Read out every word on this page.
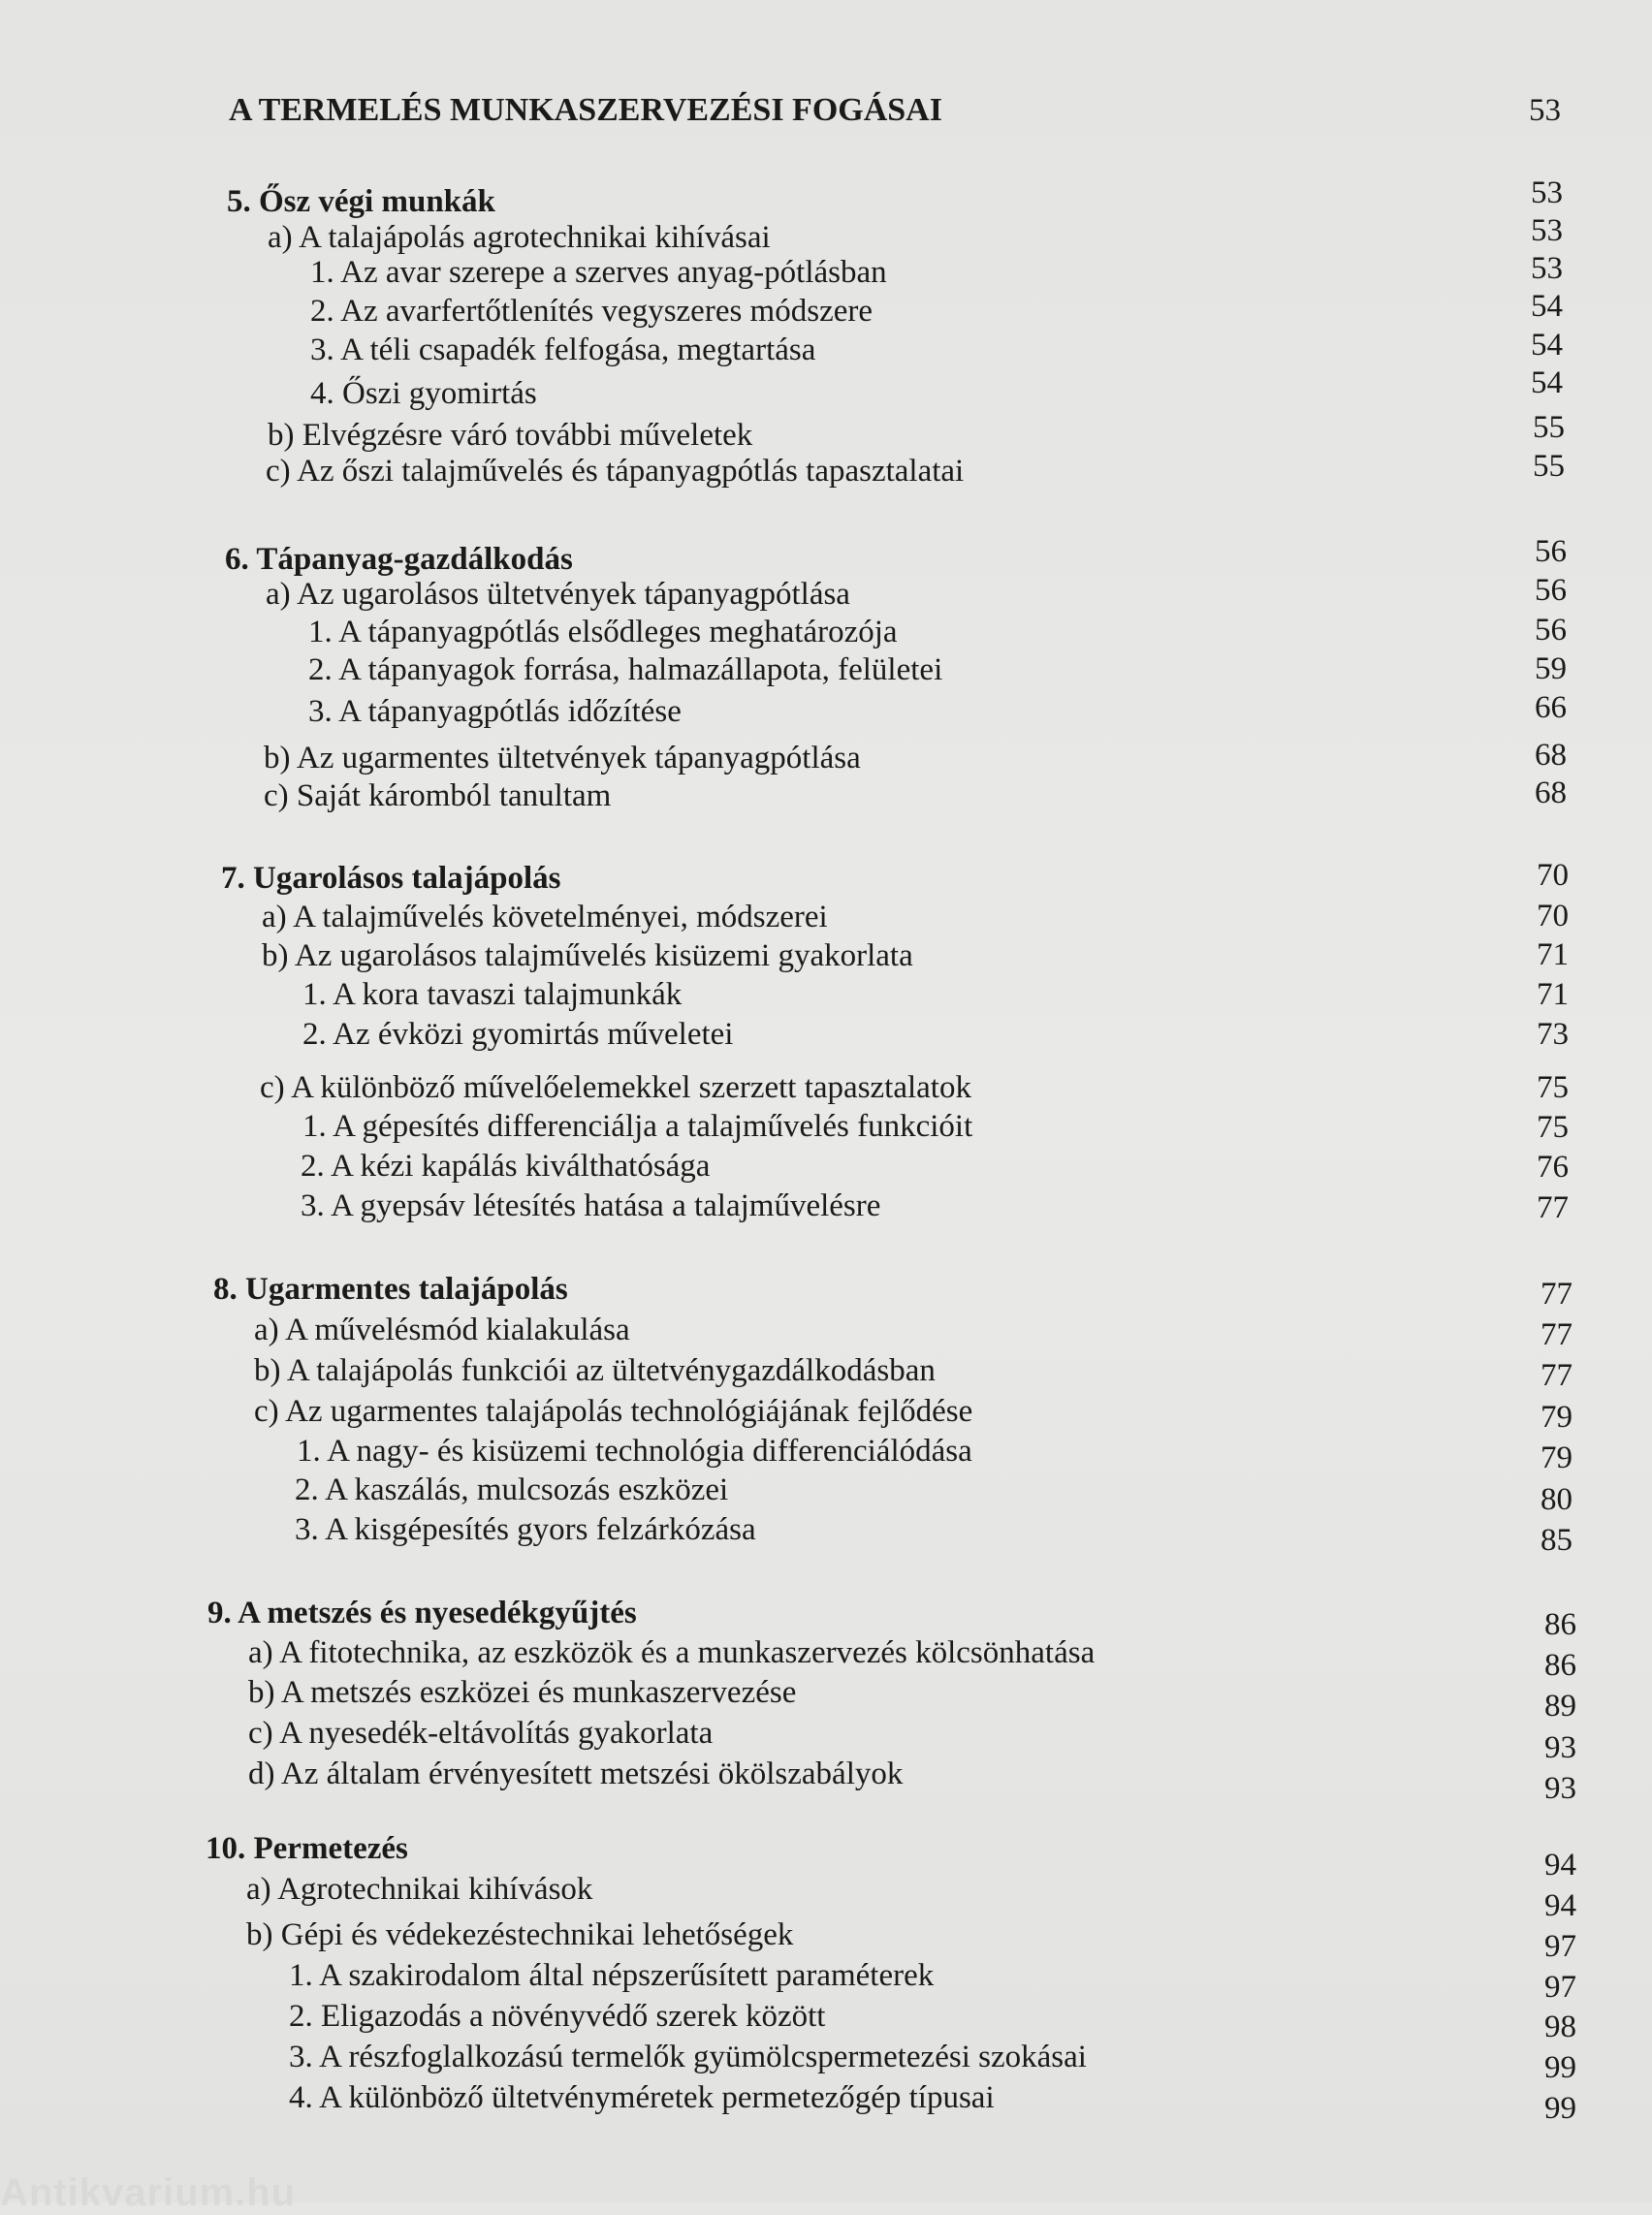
Antikvarium.hu
A TERMELÉS MUNKASZERVEZÉSI FOGÁSAI	53
5. Ősz végi munkák	53
a) A talajápolás agrotechnikai kihívásai	53
1. Az avar szerepe a szerves anyag-pótlásban	53
2. Az avarfertőtlenítés vegyszeres módszere	54
3. A téli csapadék felfogása, megtartása	54
4. Őszi gyomirtás	54
b) Elvégzésre váró további műveletek	55
c) Az őszi talajművelés és tápanyagpótlás tapasztalatai	55
6. Tápanyag-gazdálkodás	56
a) Az ugarolásos ültetvények tápanyagpótlása	56
1. A tápanyagpótlás elsődleges meghatározója	56
2. A tápanyagok forrása, halmazállapota, felületei	59
3. A tápanyagpótlás időzítése	66
b) Az ugarmentes ültetvények tápanyagpótlása	68
c) Saját káromból tanultam	68
7. Ugarolásos talajápolás	70
a) A talajművelés követelményei, módszerei	70
b) Az ugarolásos talajművelés kisüzemi gyakorlata	71
1. A kora tavaszi talajmunkák	71
2. Az évközi gyomirtás műveletei	73
c) A különböző művelőelemekkel szerzett tapasztalatok	75
1. A gépesítés differenciálja a talajművelés funkcióit	75
2. A kézi kapálás kiválthatósága	76
3. A gyepsáv létesítés hatása a talajművelésre	77
8. Ugarmentes talajápolás	77
a) A művelésmód kialakulása	77
b) A talajápolás funkciói az ültetvénygazdálkodásban	77
c) Az ugarmentes talajápolás technológiájának fejlődése	79
1. A nagy- és kisüzemi technológia differenciálódása	79
2. A kaszálás, mulcsozás eszközei	80
3. A kisgépesítés gyors felzárkózása	85
9. A metszés és nyesedékgyűjtés	86
a) A fitotechnika, az eszközök és a munkaszervezés kölcsönhatása	86
b) A metszés eszközei és munkaszervezése	89
c) A nyesedék-eltávolítás gyakorlata	93
d) Az általam érvényesített metszési ökölszabályok	93
10. Permetezés	94
a) Agrotechnikai kihívások	94
b) Gépi és védekezéstechnikai lehetőségek	97
1. A szakirodalom által népszerűsített paraméterek	97
2. Eligazodás a növényvédő szerek között	98
3. A részfoglalkozású termelők gyümölcspermetezési szokásai	99
4. A különböző ültetvényméretek permetezőgép típusai	99
